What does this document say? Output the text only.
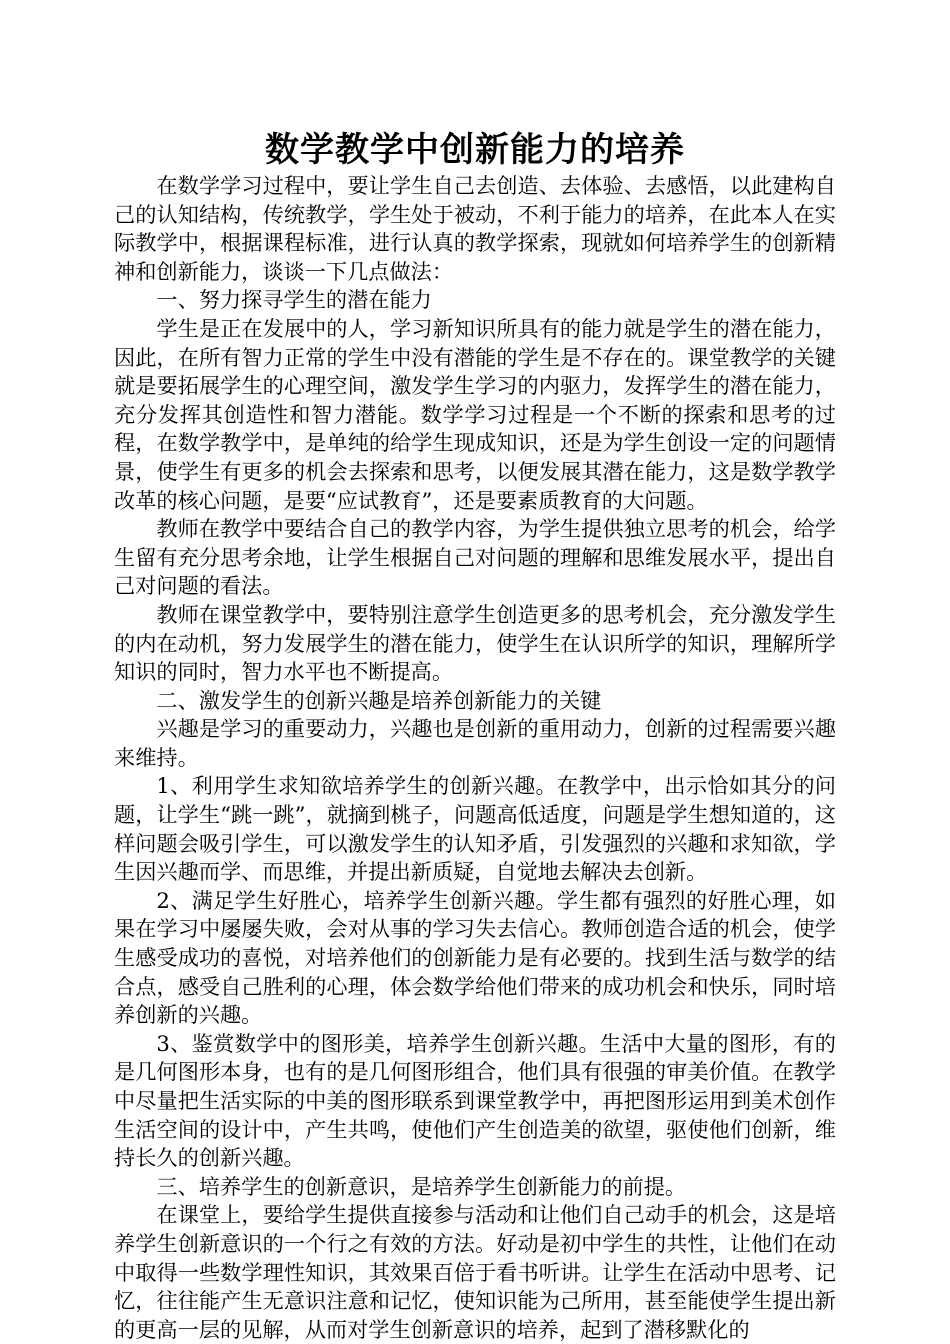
数学教学中创新能力的培养

在数学学习过程中，要让学生自己去创造、去体验、去感悟，以此建构自己的认知结构，传统教学，学生处于被动，不利于能力的培养，在此本人在实际教学中，根据课程标准，进行认真的教学探索，现就如何培养学生的创新精神和创新能力，谈谈一下几点做法：

一、努力探寻学生的潜在能力

学生是正在发展中的人，学习新知识所具有的能力就是学生的潜在能力，因此，在所有智力正常的学生中没有潜能的学生是不存在的。课堂教学的关键就是要拓展学生的心理空间，激发学生学习的内驱力，发挥学生的潜在能力，充分发挥其创造性和智力潜能。数学学习过程是一个不断的探索和思考的过程，在数学教学中，是单纯的给学生现成知识，还是为学生创设一定的问题情景，使学生有更多的机会去探索和思考，以便发展其潜在能力，这是数学教学改革的核心问题，是要“应试教育”，还是要素质教育的大问题。

教师在教学中要结合自己的教学内容，为学生提供独立思考的机会，给学生留有充分思考余地，让学生根据自己对问题的理解和思维发展水平，提出自己对问题的看法。

教师在课堂教学中，要特别注意学生创造更多的思考机会，充分激发学生的内在动机，努力发展学生的潜在能力，使学生在认识所学的知识，理解所学知识的同时，智力水平也不断提高。

二、激发学生的创新兴趣是培养创新能力的关键

兴趣是学习的重要动力，兴趣也是创新的重用动力，创新的过程需要兴趣来维持。

1、利用学生求知欲培养学生的创新兴趣。在教学中，出示恰如其分的问题，让学生“跳一跳”，就摘到桃子，问题高低适度，问题是学生想知道的，这样问题会吸引学生，可以激发学生的认知矛盾，引发强烈的兴趣和求知欲，学生因兴趣而学、而思维，并提出新质疑，自觉地去解决去创新。

2、满足学生好胜心，培养学生创新兴趣。学生都有强烈的好胜心理，如果在学习中屡屡失败，会对从事的学习失去信心。教师创造合适的机会，使学生感受成功的喜悦，对培养他们的创新能力是有必要的。找到生活与数学的结合点，感受自己胜利的心理，体会数学给他们带来的成功机会和快乐，同时培养创新的兴趣。

3、鉴赏数学中的图形美，培养学生创新兴趣。生活中大量的图形，有的是几何图形本身，也有的是几何图形组合，他们具有很强的审美价值。在教学中尽量把生活实际的中美的图形联系到课堂教学中，再把图形运用到美术创作生活空间的设计中，产生共鸣，使他们产生创造美的欲望，驱使他们创新，维持长久的创新兴趣。

三、培养学生的创新意识，是培养学生创新能力的前提。

在课堂上，要给学生提供直接参与活动和让他们自己动手的机会，这是培养学生创新意识的一个行之有效的方法。好动是初中学生的共性，让他们在动中取得一些数学理性知识，其效果百倍于看书听讲。让学生在活动中思考、记忆，往往能产生无意识注意和记忆，使知识能为己所用，甚至能使学生提出新的更高一层的见解，从而对学生创新意识的培养，起到了潜移默化的
